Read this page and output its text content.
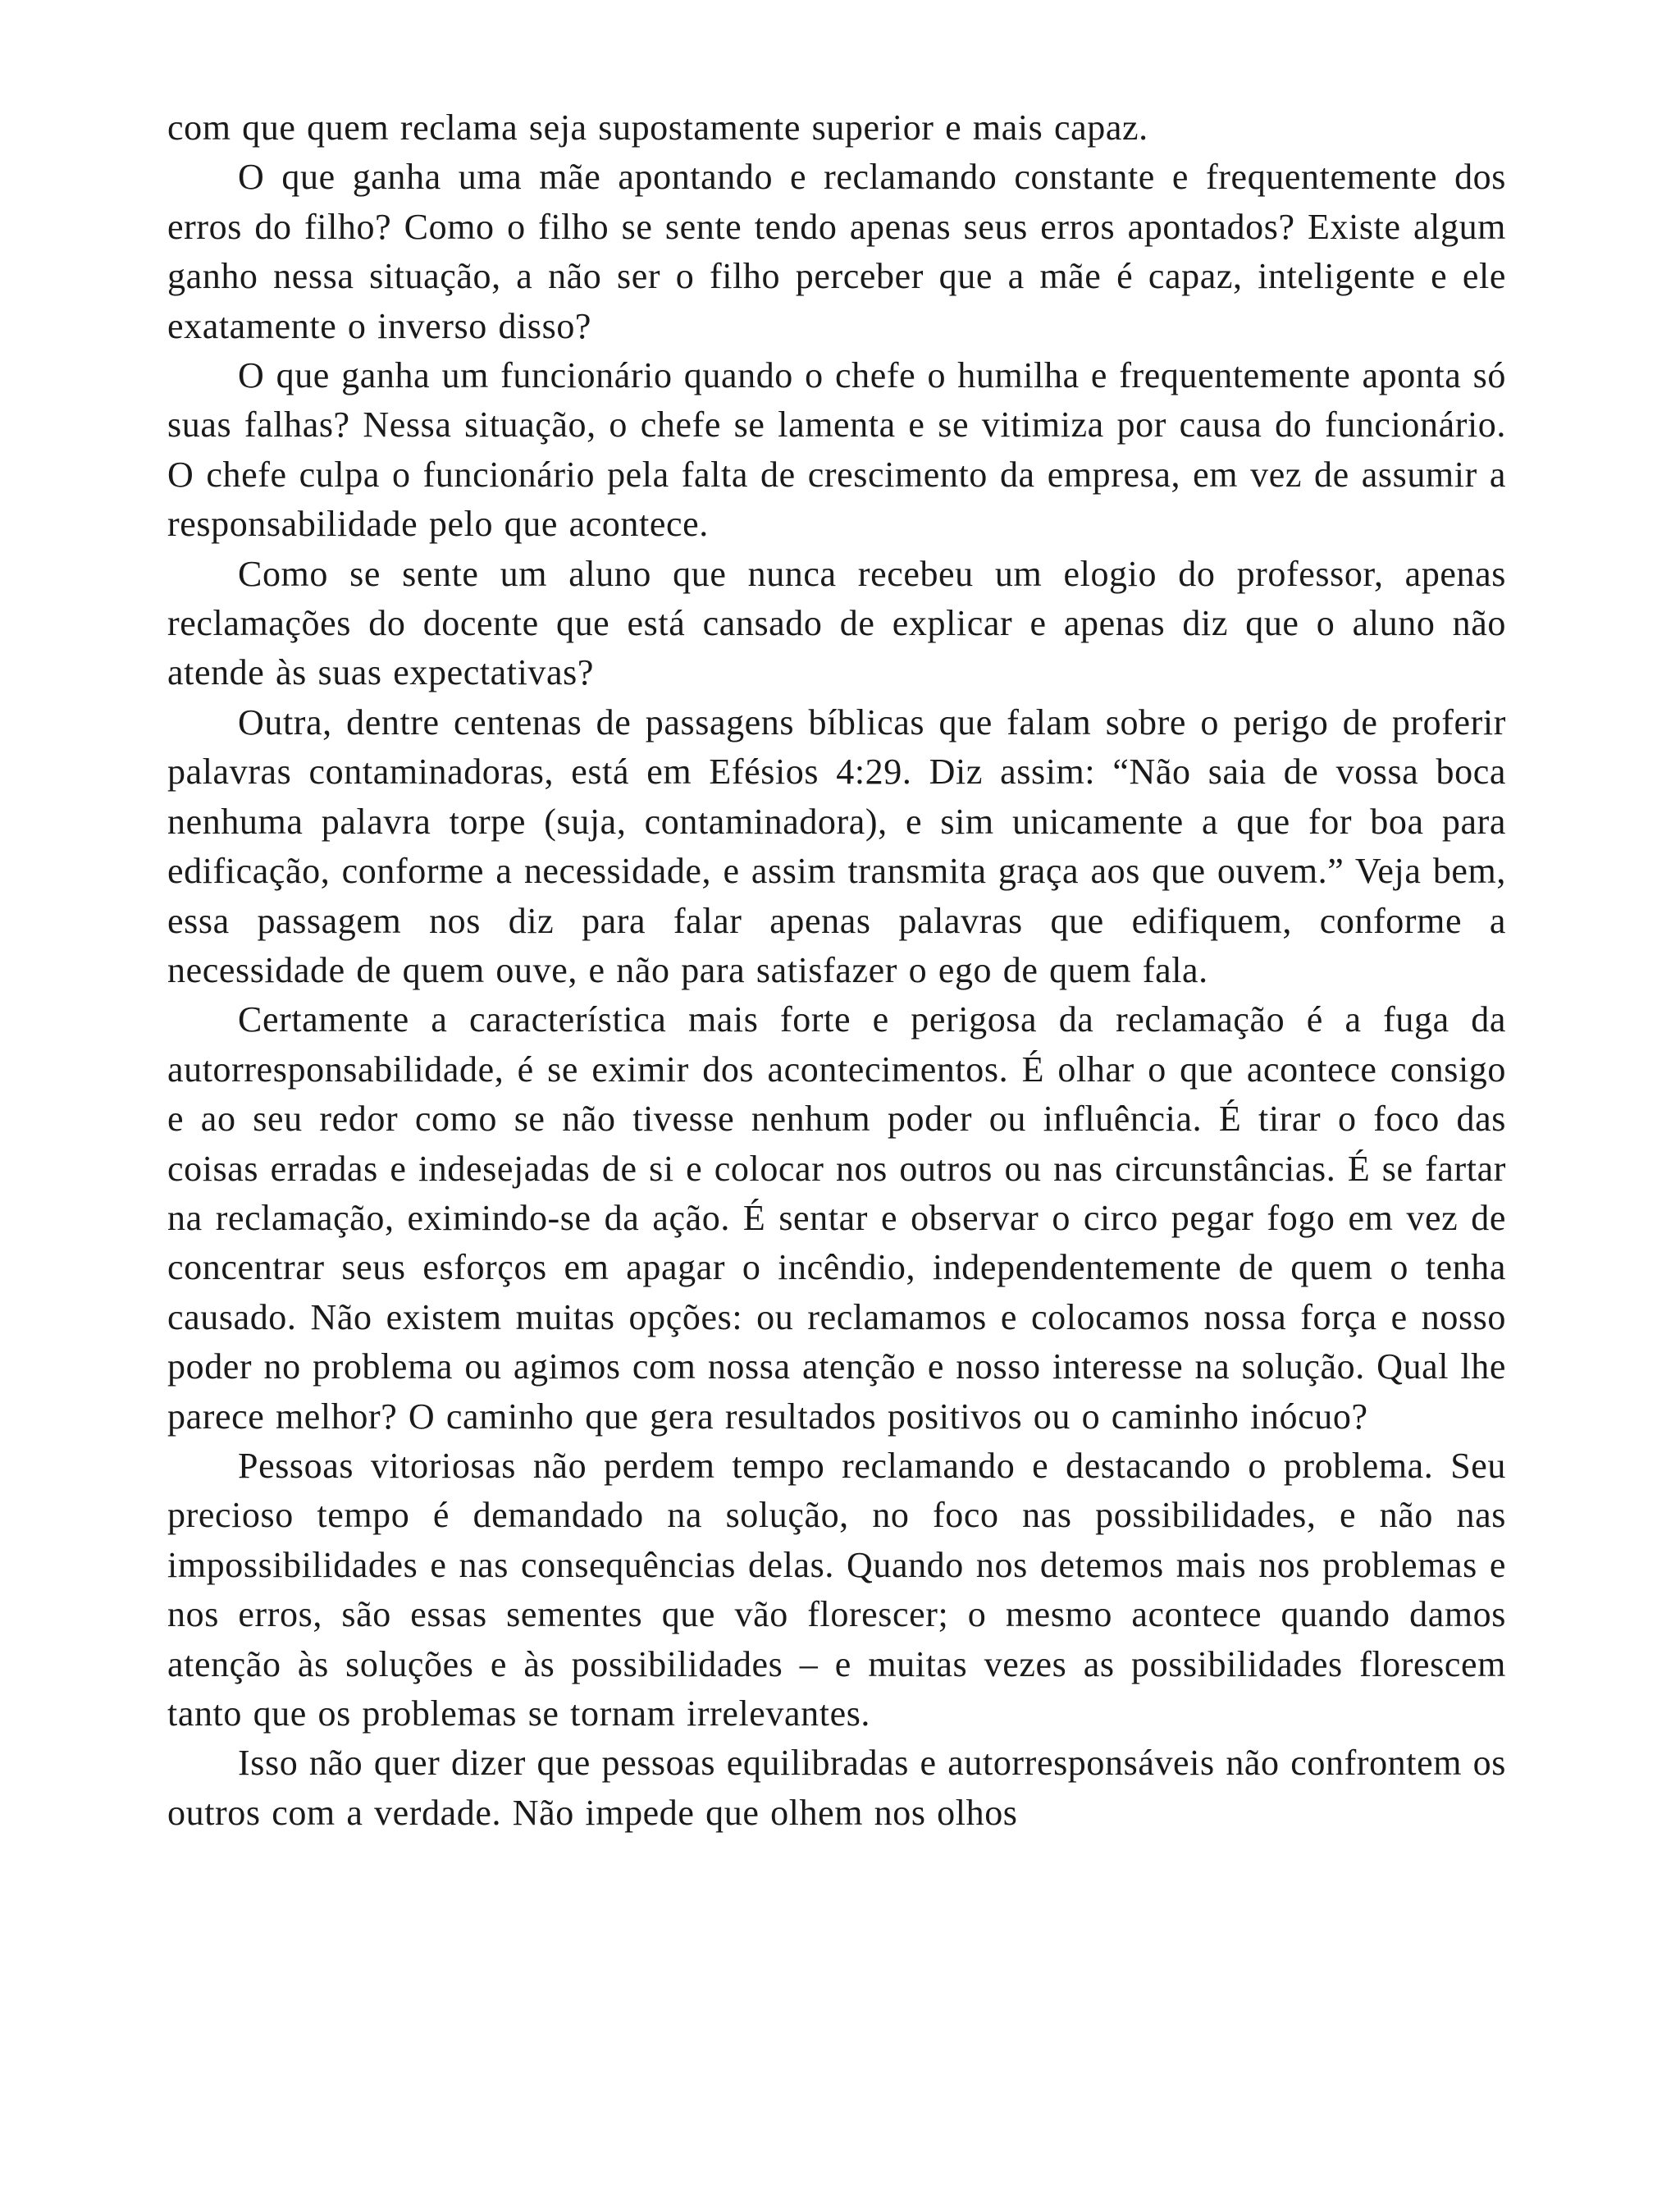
com que quem reclama seja supostamente superior e mais capaz.

O que ganha uma mãe apontando e reclamando constante e frequentemente dos erros do filho? Como o filho se sente tendo apenas seus erros apontados? Existe algum ganho nessa situação, a não ser o filho perceber que a mãe é capaz, inteligente e ele exatamente o inverso disso?

O que ganha um funcionário quando o chefe o humilha e frequentemente aponta só suas falhas? Nessa situação, o chefe se lamenta e se vitimiza por causa do funcionário. O chefe culpa o funcionário pela falta de crescimento da empresa, em vez de assumir a responsabilidade pelo que acontece.

Como se sente um aluno que nunca recebeu um elogio do professor, apenas reclamações do docente que está cansado de explicar e apenas diz que o aluno não atende às suas expectativas?

Outra, dentre centenas de passagens bíblicas que falam sobre o perigo de proferir palavras contaminadoras, está em Efésios 4:29. Diz assim: “Não saia de vossa boca nenhuma palavra torpe (suja, contaminadora), e sim unicamente a que for boa para edificação, conforme a necessidade, e assim transmita graça aos que ouvem.” Veja bem, essa passagem nos diz para falar apenas palavras que edifiquem, conforme a necessidade de quem ouve, e não para satisfazer o ego de quem fala.

Certamente a característica mais forte e perigosa da reclamação é a fuga da autorresponsabilidade, é se eximir dos acontecimentos. É olhar o que acontece consigo e ao seu redor como se não tivesse nenhum poder ou influência. É tirar o foco das coisas erradas e indesejadas de si e colocar nos outros ou nas circunstâncias. É se fartar na reclamação, eximindo-se da ação. É sentar e observar o circo pegar fogo em vez de concentrar seus esforços em apagar o incêndio, independentemente de quem o tenha causado. Não existem muitas opções: ou reclamamos e colocamos nossa força e nosso poder no problema ou agimos com nossa atenção e nosso interesse na solução. Qual lhe parece melhor? O caminho que gera resultados positivos ou o caminho inócuo?

Pessoas vitoriosas não perdem tempo reclamando e destacando o problema. Seu precioso tempo é demandado na solução, no foco nas possibilidades, e não nas impossibilidades e nas consequências delas. Quando nos detemos mais nos problemas e nos erros, são essas sementes que vão florescer; o mesmo acontece quando damos atenção às soluções e às possibilidades – e muitas vezes as possibilidades florescem tanto que os problemas se tornam irrelevantes.

Isso não quer dizer que pessoas equilibradas e autorresponsáveis não confrontem os outros com a verdade. Não impede que olhem nos olhos
